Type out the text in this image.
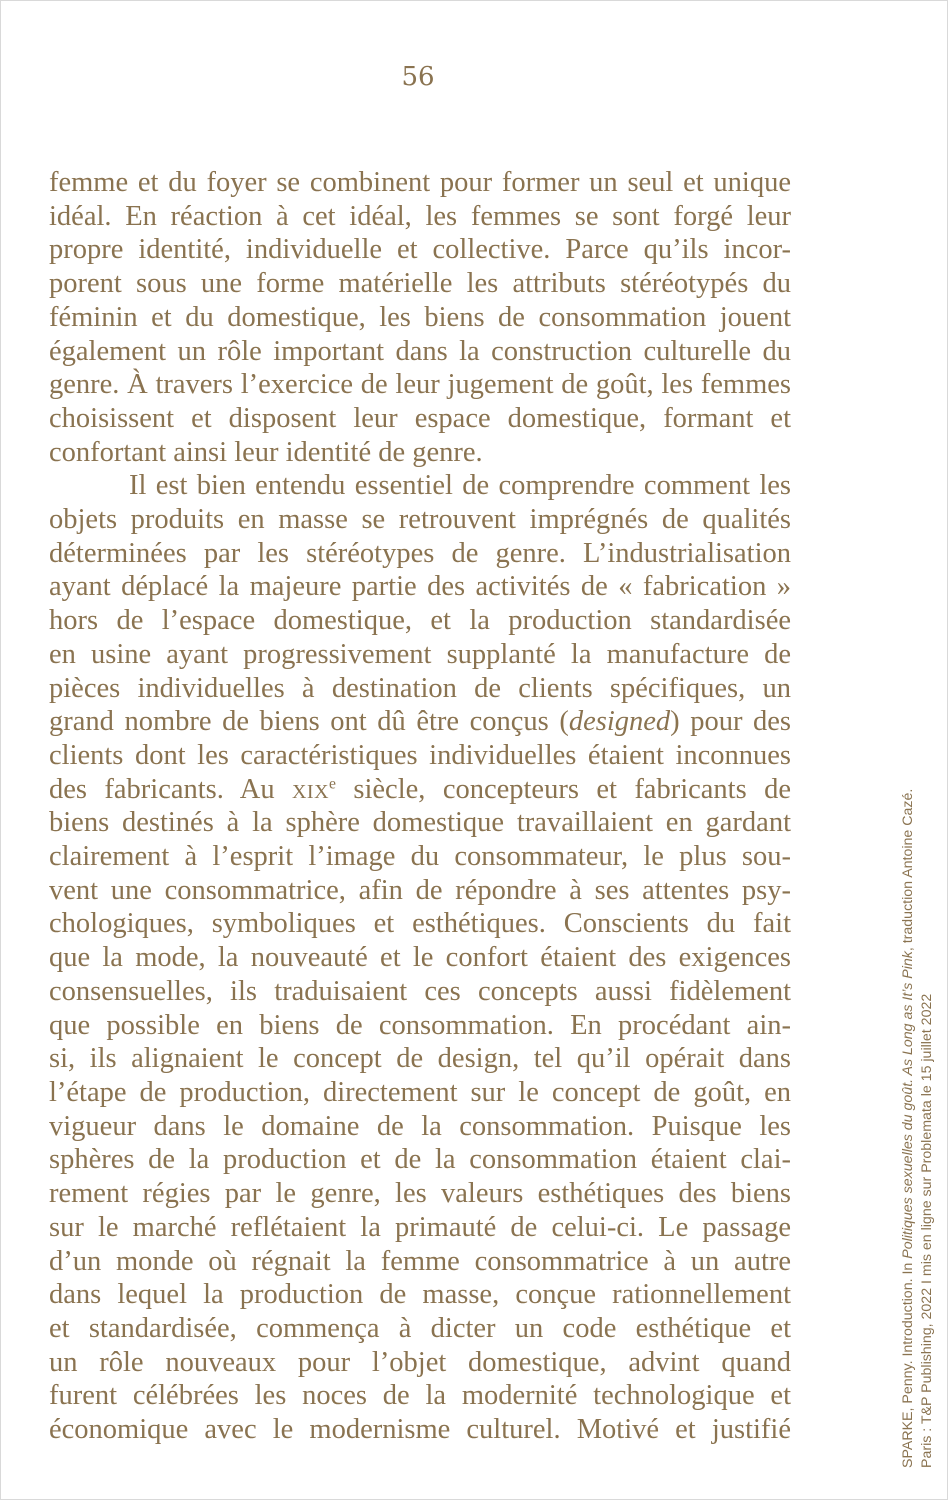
56
femme et du foyer se combinent pour former un seul et unique
idéal. En réaction à cet idéal, les femmes se sont forgé leur
propre identité, individuelle et collective. Parce qu’ils incor-
porent sous une forme matérielle les attributs stéréotypés du
féminin et du domestique, les biens de consommation jouent
également un rôle important dans la construction culturelle du
genre. À travers l’exercice de leur jugement de goût, les femmes
choisissent et disposent leur espace domestique, formant et
confortant ainsi leur identité de genre.
Il est bien entendu essentiel de comprendre comment les
objets produits en masse se retrouvent imprégnés de qualités
déterminées par les stéréotypes de genre. L’industrialisation
ayant déplacé la majeure partie des activités de « fabrication »
hors de l’espace domestique, et la production standardisée
en usine ayant progressivement supplanté la manufacture de
pièces individuelles à destination de clients spécifiques, un
grand nombre de biens ont dû être conçus (designed) pour des
clients dont les caractéristiques individuelles étaient inconnues
des fabricants. Au xix$^e$ siècle, concepteurs et fabricants de
biens destinés à la sphère domestique travaillaient en gardant
clairement à l’esprit l’image du consommateur, le plus sou-
vent une consommatrice, afin de répondre à ses attentes psy-
chologiques, symboliques et esthétiques. Conscients du fait
que la mode, la nouveauté et le confort étaient des exigences
consensuelles, ils traduisaient ces concepts aussi fidèlement
que possible en biens de consommation. En procédant ain-
si, ils alignaient le concept de design, tel qu’il opérait dans
l’étape de production, directement sur le concept de goût, en
vigueur dans le domaine de la consommation. Puisque les
sphères de la production et de la consommation étaient clai-
rement régies par le genre, les valeurs esthétiques des biens
sur le marché reflétaient la primauté de celui-ci. Le passage
d’un monde où régnait la femme consommatrice à un autre
dans lequel la production de masse, conçue rationnellement
et standardisée, commença à dicter un code esthétique et
un rôle nouveaux pour l’objet domestique, advint quand
furent célébrées les noces de la modernité technologique et
économique avec le modernisme culturel. Motivé et justifié	SPARKE, Penny. Introduction. In Politiques sexuelles du goût. As Long as It’s Pink, traduction Antoine Cazé.
Paris : T&P Publishing, 2022 I mis en ligne sur Problemata le 15 juillet 2022
